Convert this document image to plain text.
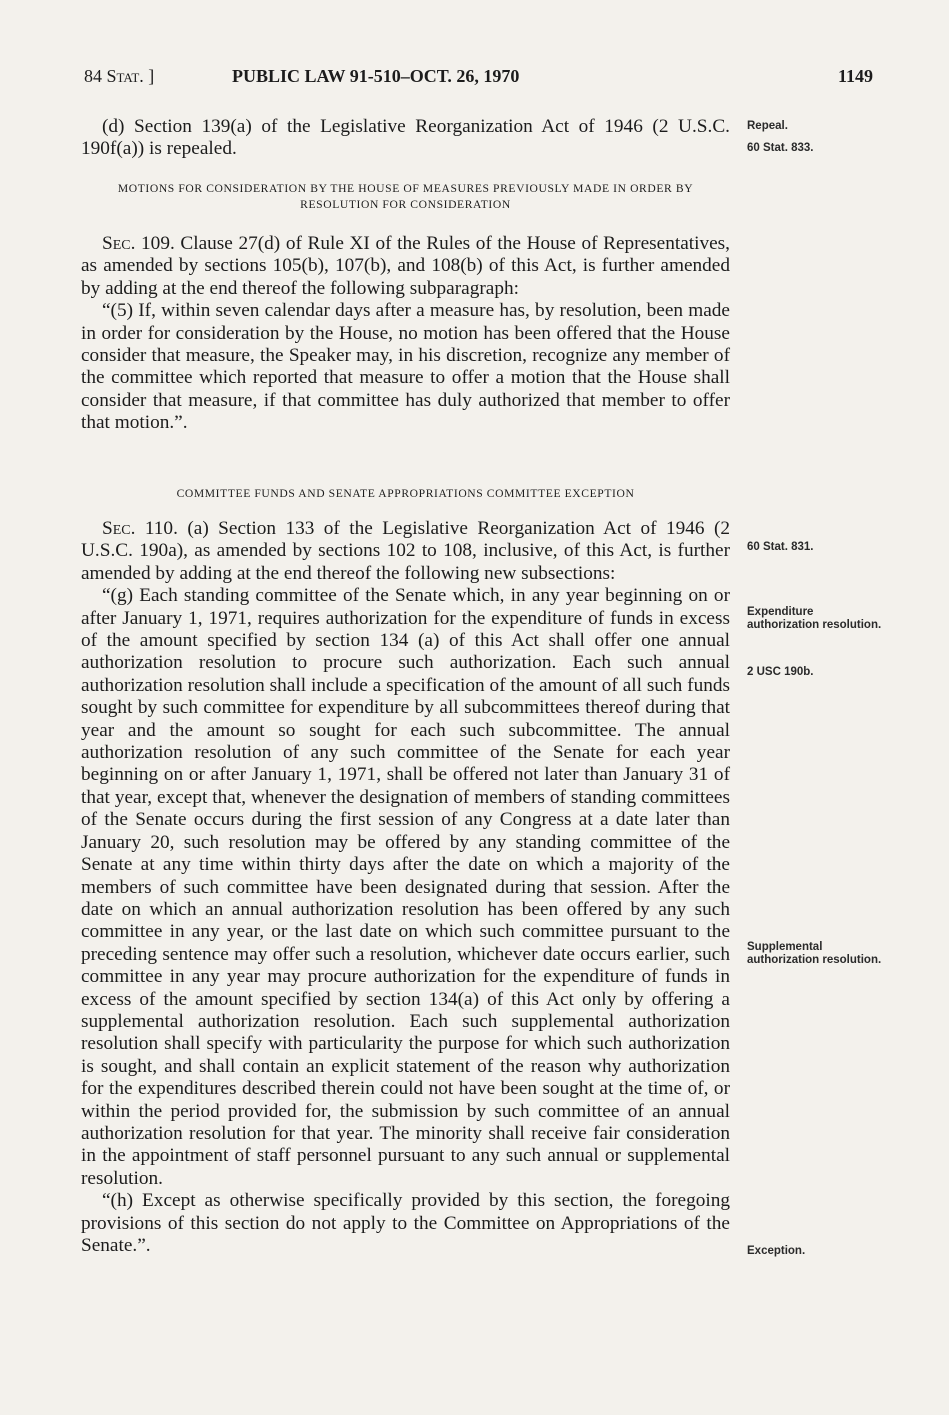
84 Stat. ]	PUBLIC LAW 91-510–OCT. 26, 1970	1149

(d) Section 139(a) of the Legislative Reorganization Act of 1946 (2 U.S.C. 190f(a)) is repealed.

MOTIONS FOR CONSIDERATION BY THE HOUSE OF MEASURES PREVIOUSLY MADE IN ORDER BY RESOLUTION FOR CONSIDERATION

Sec. 109. Clause 27(d) of Rule XI of the Rules of the House of Representatives, as amended by sections 105(b), 107(b), and 108(b) of this Act, is further amended by adding at the end thereof the following subparagraph:

“(5) If, within seven calendar days after a measure has, by resolution, been made in order for consideration by the House, no motion has been offered that the House consider that measure, the Speaker may, in his discretion, recognize any member of the committee which reported that measure to offer a motion that the House shall consider that measure, if that committee has duly authorized that member to offer that motion.”.

COMMITTEE FUNDS AND SENATE APPROPRIATIONS COMMITTEE EXCEPTION

Sec. 110. (a) Section 133 of the Legislative Reorganization Act of 1946 (2 U.S.C. 190a), as amended by sections 102 to 108, inclusive, of this Act, is further amended by adding at the end thereof the following new subsections:

“(g) Each standing committee of the Senate which, in any year beginning on or after January 1, 1971, requires authorization for the expenditure of funds in excess of the amount specified by section 134 (a) of this Act shall offer one annual authorization resolution to procure such authorization. Each such annual authorization resolution shall include a specification of the amount of all such funds sought by such committee for expenditure by all subcommittees thereof during that year and the amount so sought for each such subcommittee. The annual authorization resolution of any such committee of the Senate for each year beginning on or after January 1, 1971, shall be offered not later than January 31 of that year, except that, whenever the designation of members of standing committees of the Senate occurs during the first session of any Congress at a date later than January 20, such resolution may be offered by any standing committee of the Senate at any time within thirty days after the date on which a majority of the members of such committee have been designated during that session. After the date on which an annual authorization resolution has been offered by any such committee in any year, or the last date on which such committee pursuant to the preceding sentence may offer such a resolution, whichever date occurs earlier, such committee in any year may procure authorization for the expenditure of funds in excess of the amount specified by section 134(a) of this Act only by offering a supplemental authorization resolution. Each such supplemental authorization resolution shall specify with particularity the purpose for which such authorization is sought, and shall contain an explicit statement of the reason why authorization for the expenditures described therein could not have been sought at the time of, or within the period provided for, the submission by such committee of an annual authorization resolution for that year. The minority shall receive fair consideration in the appointment of staff personnel pursuant to any such annual or supplemental resolution.

“(h) Except as otherwise specifically provided by this section, the foregoing provisions of this section do not apply to the Committee on Appropriations of the Senate.”.

Repeal.
60 Stat. 833.
60 Stat. 831.
Expenditure authorization resolution.
2 USC 190b.
Supplemental authorization resolution.
Exception.
